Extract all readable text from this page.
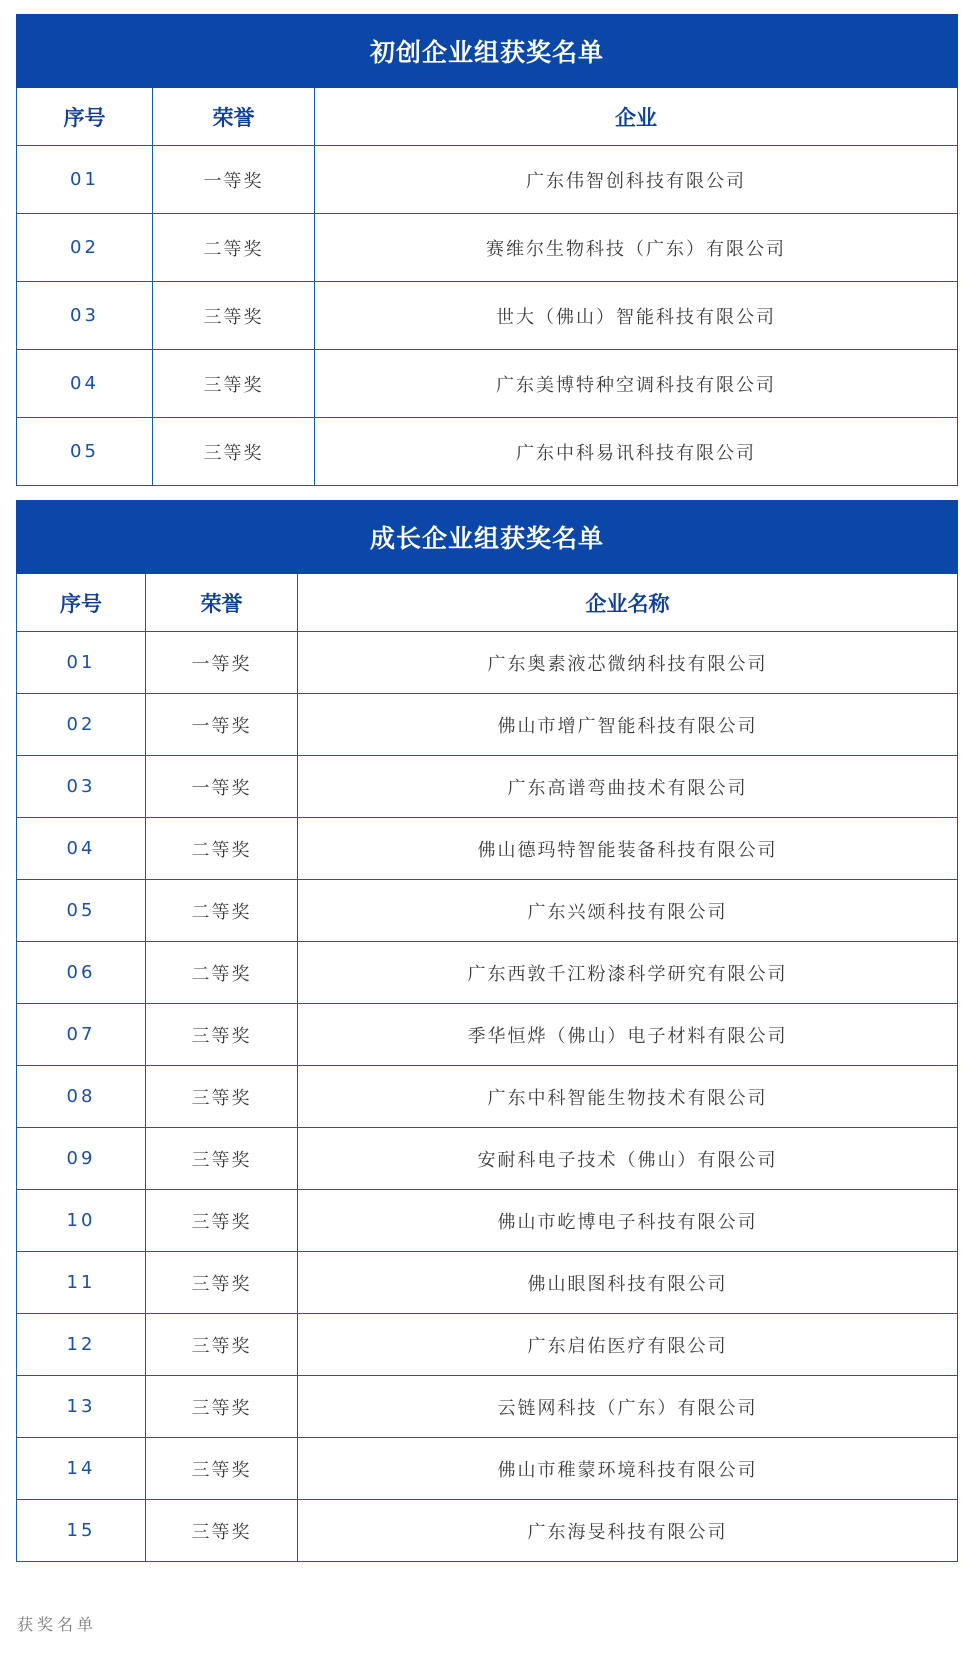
初创企业组获奖名单		
序号	荣誉	企业
01	一等奖	广东伟智创科技有限公司
02	二等奖	赛维尔生物科技（广东）有限公司
03	三等奖	世大（佛山）智能科技有限公司
04	三等奖	广东美博特种空调科技有限公司
05	三等奖	广东中科易讯科技有限公司
成长企业组获奖名单		
序号	荣誉	企业名称
01	一等奖	广东奥素液芯微纳科技有限公司
02	一等奖	佛山市增广智能科技有限公司
03	一等奖	广东高谱弯曲技术有限公司
04	二等奖	佛山德玛特智能装备科技有限公司
05	二等奖	广东兴颂科技有限公司
06	二等奖	广东西敦千江粉漆科学研究有限公司
07	三等奖	季华恒烨（佛山）电子材料有限公司
08	三等奖	广东中科智能生物技术有限公司
09	三等奖	安耐科电子技术（佛山）有限公司
10	三等奖	佛山市屹博电子科技有限公司
11	三等奖	佛山眼图科技有限公司
12	三等奖	广东启佑医疗有限公司
13	三等奖	云链网科技（广东）有限公司
14	三等奖	佛山市稚蒙环境科技有限公司
15	三等奖	广东海旻科技有限公司
获奖名单
